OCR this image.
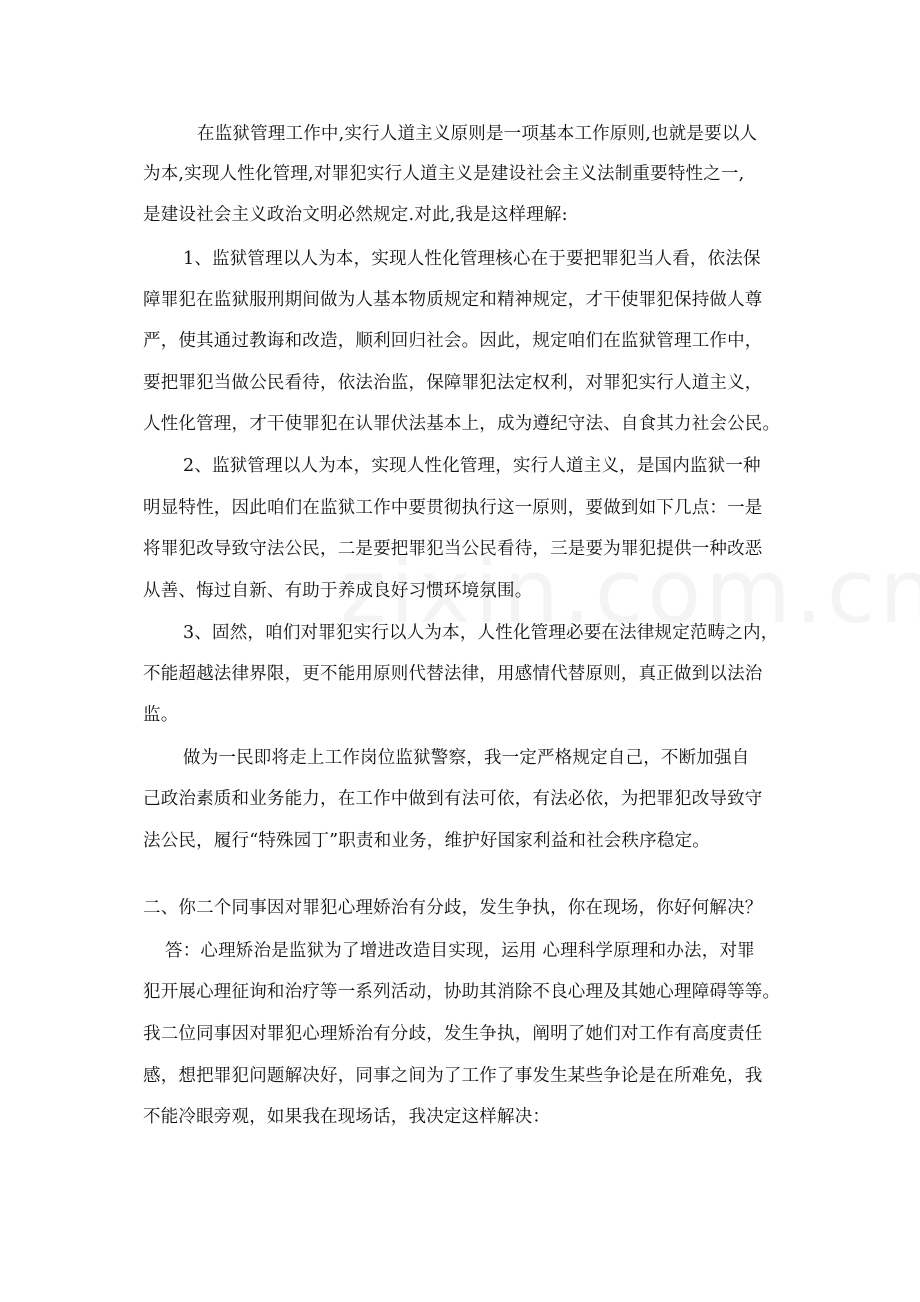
在监狱管理工作中,实行人道主义原则是一项基本工作原则,也就是要以人
为本,实现人性化管理,对罪犯实行人道主义是建设社会主义法制重要特性之一,
是建设社会主义政治文明必然规定.对此,我是这样理解:
1、监狱管理以人为本，实现人性化管理核心在于要把罪犯当人看，依法保
障罪犯在监狱服刑期间做为人基本物质规定和精神规定，才干使罪犯保持做人尊
严，使其通过教诲和改造，顺利回归社会。因此，规定咱们在监狱管理工作中，
要把罪犯当做公民看待，依法治监，保障罪犯法定权利，对罪犯实行人道主义，
人性化管理，才干使罪犯在认罪伏法基本上，成为遵纪守法、自食其力社会公民。
2、监狱管理以人为本，实现人性化管理，实行人道主义，是国内监狱一种
明显特性，因此咱们在监狱工作中要贯彻执行这一原则，要做到如下几点：一是
将罪犯改导致守法公民，二是要把罪犯当公民看待，三是要为罪犯提供一种改恶
从善、悔过自新、有助于养成良好习惯环境氛围。
3、固然，咱们对罪犯实行以人为本，人性化管理必要在法律规定范畴之内，
不能超越法律界限，更不能用原则代替法律，用感情代替原则，真正做到以法治
监。
做为一民即将走上工作岗位监狱警察，我一定严格规定自己，不断加强自
己政治素质和业务能力，在工作中做到有法可依，有法必依，为把罪犯改导致守
法公民，履行“特殊园丁”职责和业务，维护好国家利益和社会秩序稳定。
二、你二个同事因对罪犯心理娇治有分歧，发生争执，你在现场，你好何解决？
答：心理矫治是监狱为了增进改造目实现，运用 心理科学原理和办法，对罪
犯开展心理征询和治疗等一系列活动，协助其消除不良心理及其她心理障碍等等。
我二位同事因对罪犯心理矫治有分歧，发生争执，阐明了她们对工作有高度责任
感，想把罪犯问题解决好，同事之间为了工作了事发生某些争论是在所难免，我
不能冷眼旁观，如果我在现场话，我决定这样解决：
